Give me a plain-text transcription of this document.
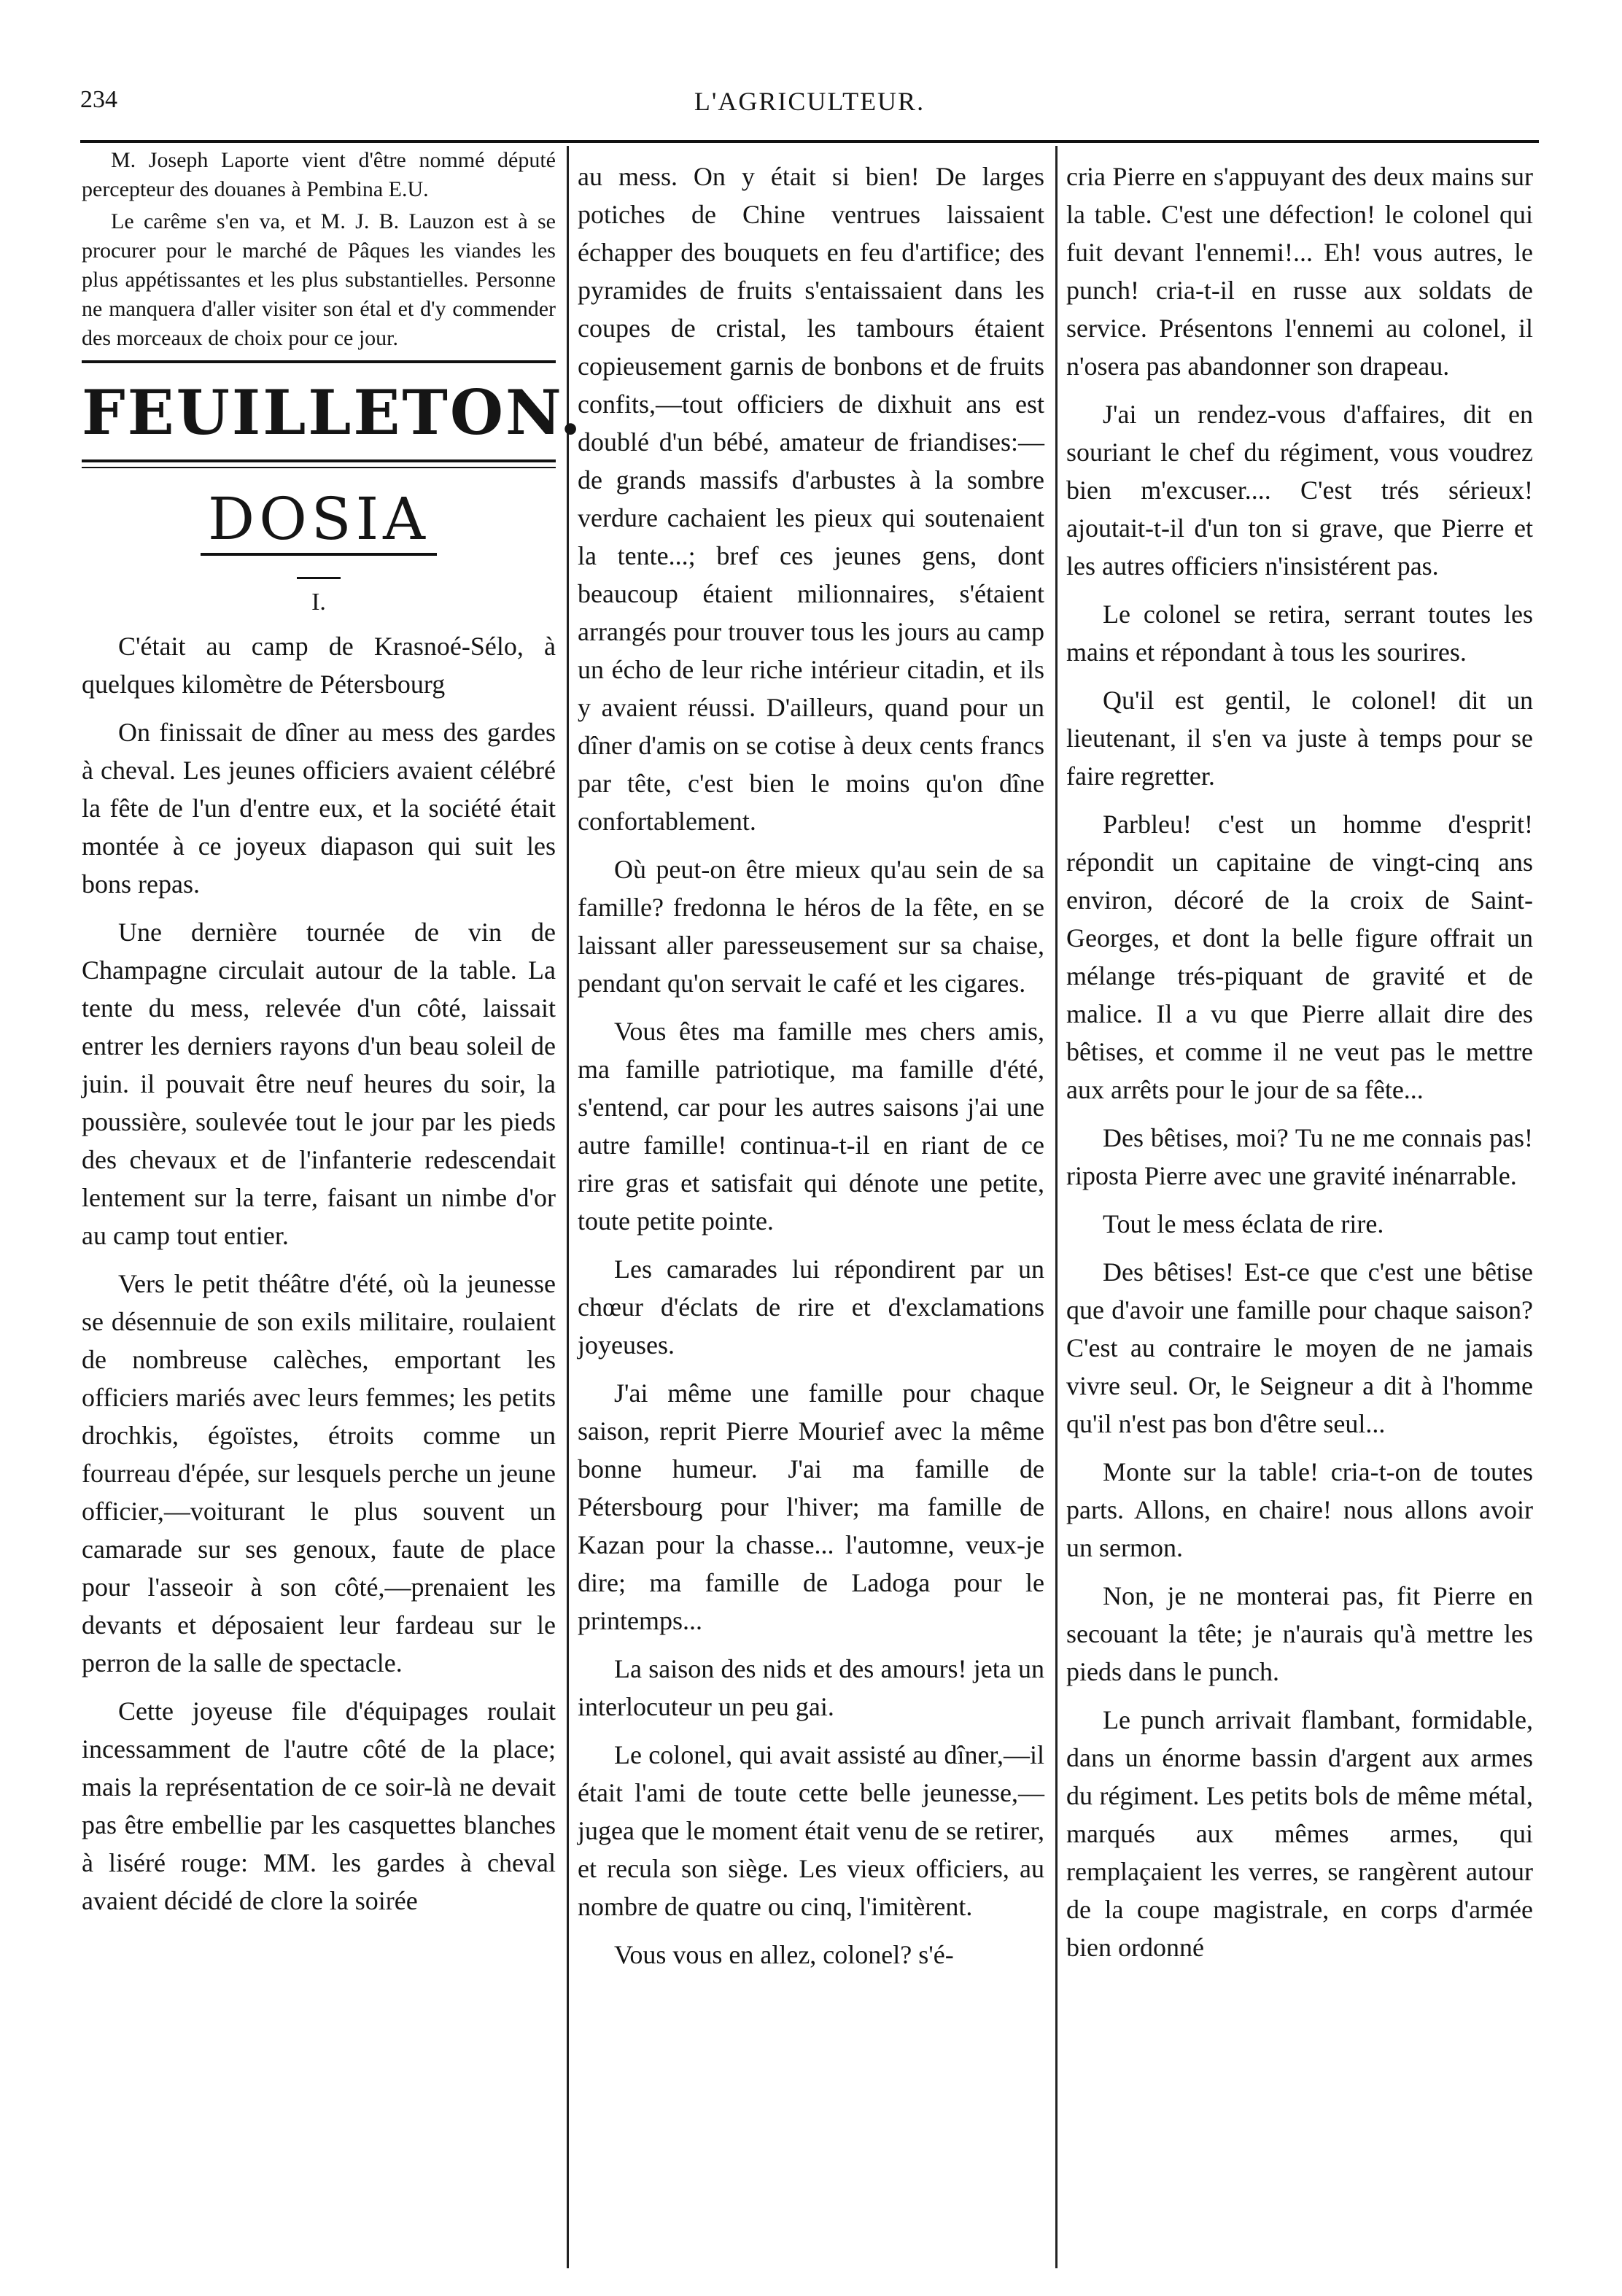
234	L'AGRICULTEUR.

M. Joseph Laporte vient d'être nommé député percepteur des douanes à Pembina E.U.

Le carême s'en va, et M. J. B. Lauzon est à se procurer pour le marché de Pâques les viandes les plus appétissantes et les plus substantielles. Personne ne manquera d'aller visiter son étal et d'y commender des morceaux de choix pour ce jour.

FEUILLETON.
DOSIA
I.

C'était au camp de Krasnoé-Sélo, à quelques kilomètre de Pétersbourg

On finissait de dîner au mess des gardes à cheval. Les jeunes officiers avaient célébré la fête de l'un d'entre eux, et la société était montée à ce joyeux diapason qui suit les bons repas.

Une dernière tournée de vin de Champagne circulait autour de la table. La tente du mess, relevée d'un côté, laissait entrer les derniers rayons d'un beau soleil de juin. il pouvait être neuf heures du soir, la poussière, soulevée tout le jour par les pieds des chevaux et de l'infanterie redescendait lentement sur la terre, faisant un nimbe d'or au camp tout entier.

Vers le petit théâtre d'été, où la jeunesse se désennuie de son exils militaire, roulaient de nombreuse calèches, emportant les officiers mariés avec leurs femmes; les petits drochkis, égoïstes, étroits comme un fourreau d'épée, sur lesquels perche un jeune officier,—voiturant le plus souvent un camarade sur ses genoux, faute de place pour l'asseoir à son côté,—prenaient les devants et déposaient leur fardeau sur le perron de la salle de spectacle.

Cette joyeuse file d'équipages roulait incessamment de l'autre côté de la place; mais la représentation de ce soir-là ne devait pas être embellie par les casquettes blanches à liséré rouge: MM. les gardes à cheval avaient décidé de clore la soirée

au mess. On y était si bien! De larges potiches de Chine ventrues laissaient échapper des bouquets en feu d'artifice; des pyramides de fruits s'entaissaient dans les coupes de cristal, les tambours étaient copieusement garnis de bonbons et de fruits confits,—tout officiers de dixhuit ans est doublé d'un bébé, amateur de friandises:—de grands massifs d'arbustes à la sombre verdure cachaient les pieux qui soutenaient la tente...; bref ces jeunes gens, dont beaucoup étaient milionnaires, s'étaient arrangés pour trouver tous les jours au camp un écho de leur riche intérieur citadin, et ils y avaient réussi. D'ailleurs, quand pour un dîner d'amis on se cotise à deux cents francs par tête, c'est bien le moins qu'on dîne confortablement.

Où peut-on être mieux qu'au sein de sa famille? fredonna le héros de la fête, en se laissant aller paresseusement sur sa chaise, pendant qu'on servait le café et les cigares.

Vous êtes ma famille mes chers amis, ma famille patriotique, ma famille d'été, s'entend, car pour les autres saisons j'ai une autre famille! continua-t-il en riant de ce rire gras et satisfait qui dénote une petite, toute petite pointe.

Les camarades lui répondirent par un chœur d'éclats de rire et d'exclamations joyeuses.

J'ai même une famille pour chaque saison, reprit Pierre Mourief avec la même bonne humeur. J'ai ma famille de Pétersbourg pour l'hiver; ma famille de Kazan pour la chasse... l'automne, veux-je dire; ma famille de Ladoga pour le printemps...

La saison des nids et des amours! jeta un interlocuteur un peu gai.

Le colonel, qui avait assisté au dîner,—il était l'ami de toute cette belle jeunesse,—jugea que le moment était venu de se retirer, et recula son siège. Les vieux officiers, au nombre de quatre ou cinq, l'imitèrent.

Vous vous en allez, colonel? s'é-

cria Pierre en s'appuyant des deux mains sur la table. C'est une défection! le colonel qui fuit devant l'ennemi!... Eh! vous autres, le punch! cria-t-il en russe aux soldats de service. Présentons l'ennemi au colonel, il n'osera pas abandonner son drapeau.

J'ai un rendez-vous d'affaires, dit en souriant le chef du régiment, vous voudrez bien m'excuser.... C'est trés sérieux! ajoutait-t-il d'un ton si grave, que Pierre et les autres officiers n'insistérent pas.

Le colonel se retira, serrant toutes les mains et répondant à tous les sourires.

Qu'il est gentil, le colonel! dit un lieutenant, il s'en va juste à temps pour se faire regretter.

Parbleu! c'est un homme d'esprit! répondit un capitaine de vingt-cinq ans environ, décoré de la croix de Saint-Georges, et dont la belle figure offrait un mélange trés-piquant de gravité et de malice. Il a vu que Pierre allait dire des bêtises, et comme il ne veut pas le mettre aux arrêts pour le jour de sa fête...

Des bêtises, moi? Tu ne me connais pas! riposta Pierre avec une gravité inénarrable.

Tout le mess éclata de rire.

Des bêtises! Est-ce que c'est une bêtise que d'avoir une famille pour chaque saison? C'est au contraire le moyen de ne jamais vivre seul. Or, le Seigneur a dit à l'homme qu'il n'est pas bon d'être seul...

Monte sur la table! cria-t-on de toutes parts. Allons, en chaire! nous allons avoir un sermon.

Non, je ne monterai pas, fit Pierre en secouant la tête; je n'aurais qu'à mettre les pieds dans le punch.

Le punch arrivait flambant, formidable, dans un énorme bassin d'argent aux armes du régiment. Les petits bols de même métal, marqués aux mêmes armes, qui remplaçaient les verres, se rangèrent autour de la coupe magistrale, en corps d'armée bien ordonné
